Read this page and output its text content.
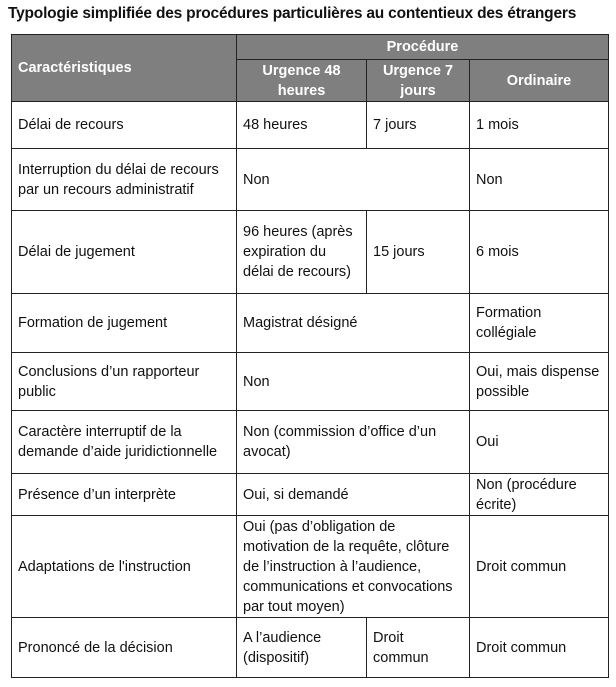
Typologie simplifiée des procédures particulières au contentieux des étrangers
Caractéristiques	Procédure		
	Urgence 48 heures	Urgence 7 jours	Ordinaire
Délai de recours	48 heures	7 jours	1 mois
Interruption du délai de recours par un recours administratif	Non		Non
Délai de jugement	96 heures (après expiration du délai de recours)	15 jours	6 mois
Formation de jugement	Magistrat désigné		Formation collégiale
Conclusions d’un rapporteur public	Non		Oui, mais dispense possible
Caractère interruptif de la demande d’aide juridictionnelle	Non (commission d’office d’un avocat)		Oui
Présence d’un interprète	Oui, si demandé		Non (procédure écrite)
Adaptations de l'instruction	Oui (pas d’obligation de motivation de la requête, clôture de l’instruction à l’audience, communications et convocations par tout moyen)		Droit commun
Prononcé de la décision	A l’audience (dispositif)	Droit commun	Droit commun
